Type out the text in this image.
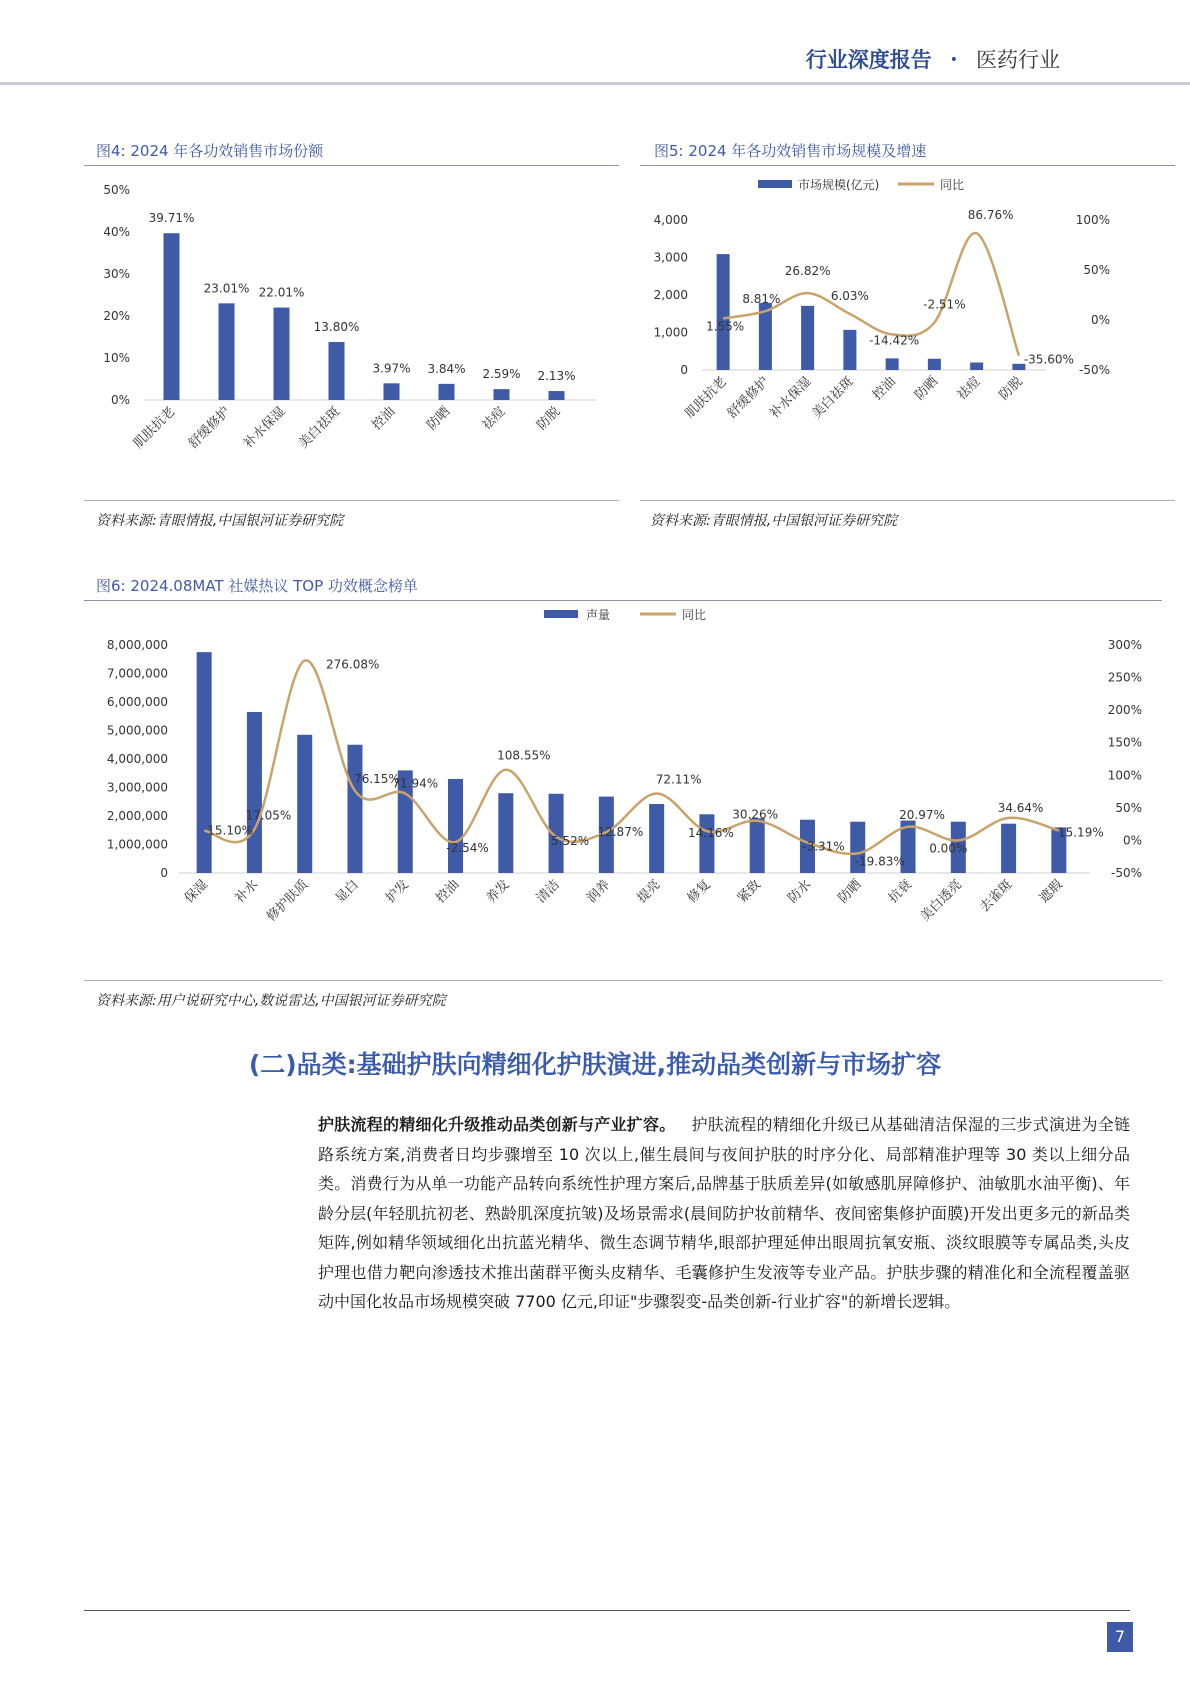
行业深度报告 • 医药行业
图4: 2024 年各功效销售市场份额
0%
10%
20%
30%
40%
50%
39.71%
23.01% 22.01%
13.80%
3.97% 3.84% 2.59% 2.13%
肌肤抗老 舒缓修护 补水保湿 美白祛斑 控油 防晒 祛痘 防脱
资料来源:青眼情报,中国银河证券研究院
图5: 2024 年各功效销售市场规模及增速
市场规模(亿元)	同比
0
1,000
2,000
3,000
4,000
-50%
0%
50%
100%
1.55%
8.81%
26.82%
6.03%
-14.42%
-2.51%
86.76%
-35.60%
肌肤抗老
舒缓修护
补水保湿
美白祛斑 控油 防晒 祛痘 防脱
资料来源:青眼情报,中国银河证券研究院
图6: 2024.08MAT 社媒热议 TOP 功效概念榜单
声量	同比
0
1,000,000
2,000,000
3,000,000
4,000,000
5,000,000
6,000,000
7,000,000
8,000,000
-50%
0%
50%
100%
150%
200%
250%
300%
15.10%
17.05%
276.08%
76.15%
71.94%
-2.54%
108.55%
5.52%
12.87%
72.11%
14.16%
30.26%
-3.31%
-19.83%
20.97%
0.00%
34.64%
15.19%
保湿 补水 修护肤质 显白 护发 控油 养发 清洁 润养 提亮 修复 紧致 防水 防晒 抗衰 美白透亮 去雀斑 遮瑕
资料来源:用户说研究中心,数说雷达,中国银河证券研究院
(二)品类:基础护肤向精细化护肤演进,推动品类创新与市场扩容
护肤流程的精细化升级推动品类创新与产业扩容。 护肤流程的精细化升级已从基础清洁保湿的三步式演进为全链路系统方案,消费者日均步骤增至 10 次以上,催生晨间与夜间护肤的时序分化、局部精准护理等 30 类以上细分品类。消费行为从单一功能产品转向系统性护理方案后,品牌基于肤质差异(如敏感肌屏障修护、油敏肌水油平衡)、年龄分层(年轻肌抗初老、熟龄肌深度抗皱)及场景需求(晨间防护妆前精华、夜间密集修护面膜)开发出更多元的新品类矩阵,例如精华领域细化出抗蓝光精华、微生态调节精华,眼部护理延伸出眼周抗氧安瓶、淡纹眼膜等专属品类,头皮护理也借力靶向渗透技术推出菌群平衡头皮精华、毛囊修护生发液等专业产品。护肤步骤的精准化和全流程覆盖驱动中国化妆品市场规模突破 7700 亿元,印证"步骤裂变-品类创新-行业扩容"的新增长逻辑。
7
